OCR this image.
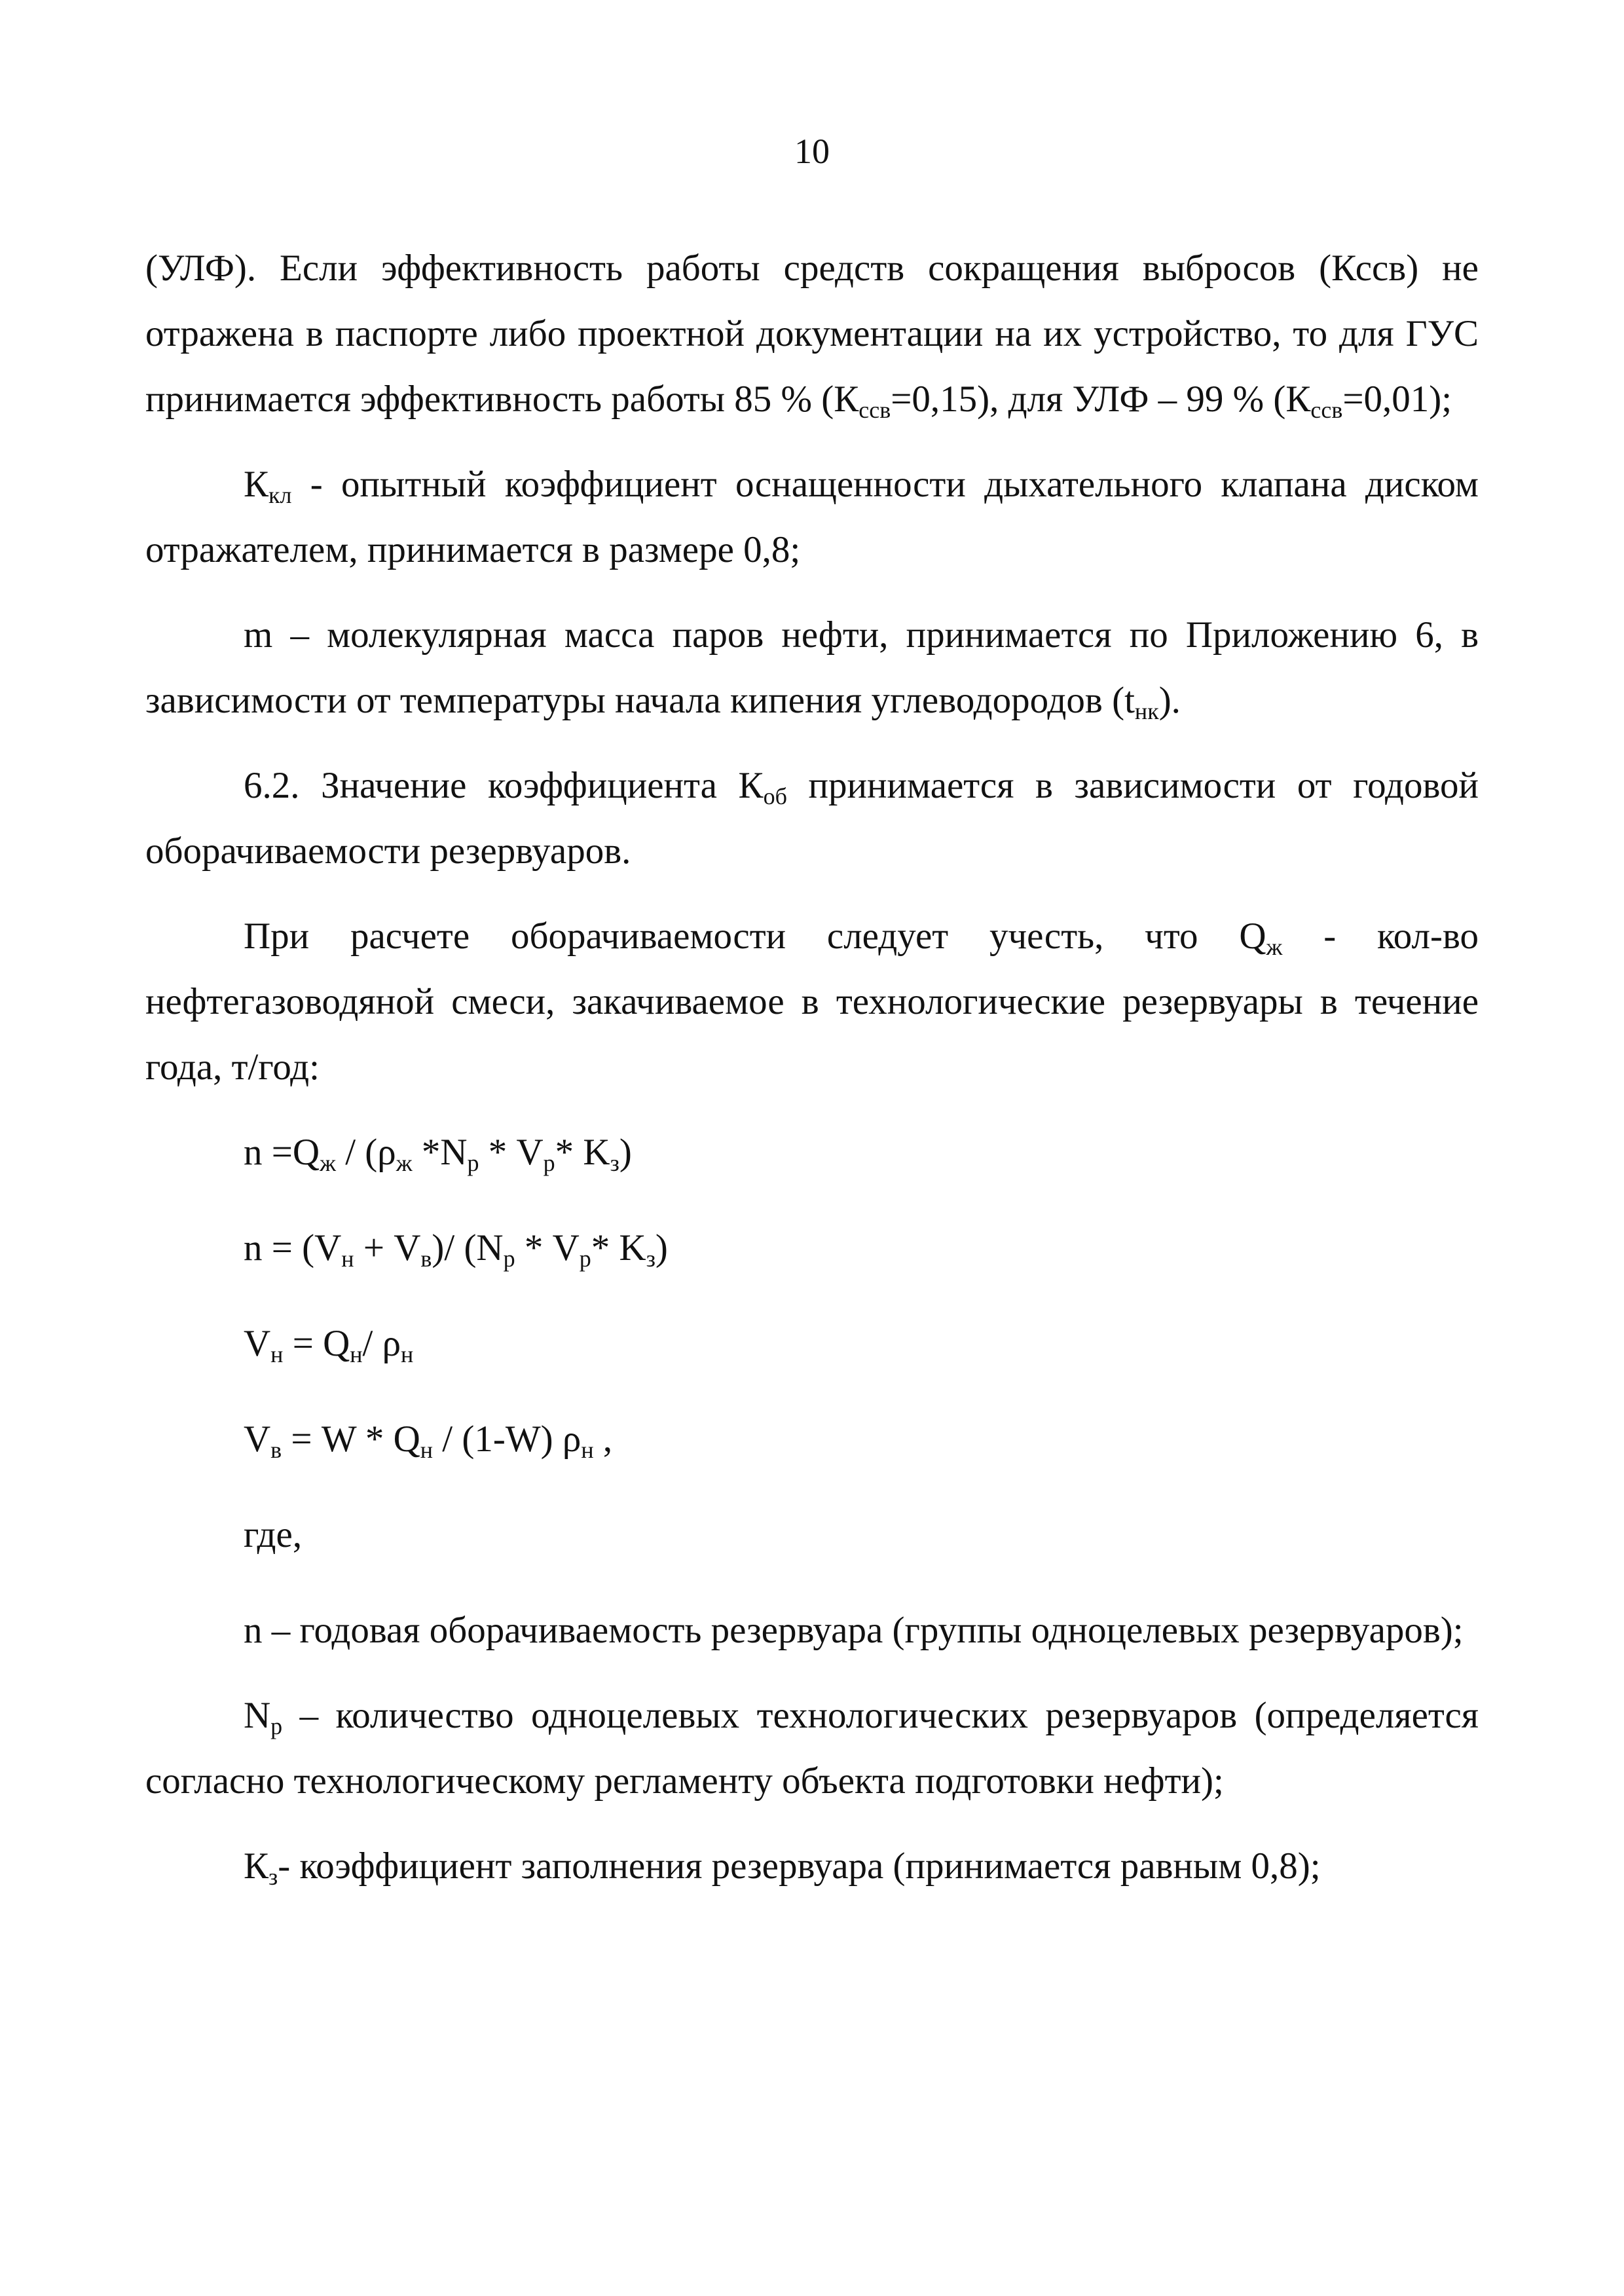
10

(УЛФ). Если эффективность работы средств сокращения выбросов (Кссв) не отражена в паспорте либо проектной документации на их устройство, то для ГУС принимается эффективность работы 85 % $(К_{ссв}=0,15)$, для УЛФ – 99 % $(К_{ссв}=0,01)$;

$К_{кл}$ - опытный коэффициент оснащенности дыхательного клапана диском отражателем, принимается в размере 0,8;

m – молекулярная масса паров нефти, принимается по Приложению 6, в зависимости от температуры начала кипения углеводородов $(t_{нк})$.

6.2. Значение коэффициента $К_{об}$ принимается в зависимости от годовой оборачиваемости резервуаров.

При расчете оборачиваемости следует учесть, что $Q_ж - кол-во$ нефтегазоводяной смеси, закачиваемое в технологические резервуары в течение года, т/год:

$n =Q_ж / (\rho_ж$ $*N_р * V_р*$ $K_з$)
$n = (V_н + V_в)/$ ($N_р * V_р*$ $K_з$)
$V_н = Q_н/$ $\rho_н$
$V_в = W * Q_н / (1-W)$ $\rho_н$ ,
где,

n – годовая оборачиваемость резервуара (группы одноцелевых резервуаров);

$N_р$ – количество одноцелевых технологических резервуаров (определяется согласно технологическому регламенту объекта подготовки нефти);

$К_з-$ коэффициент заполнения резервуара (принимается равным 0,8);
